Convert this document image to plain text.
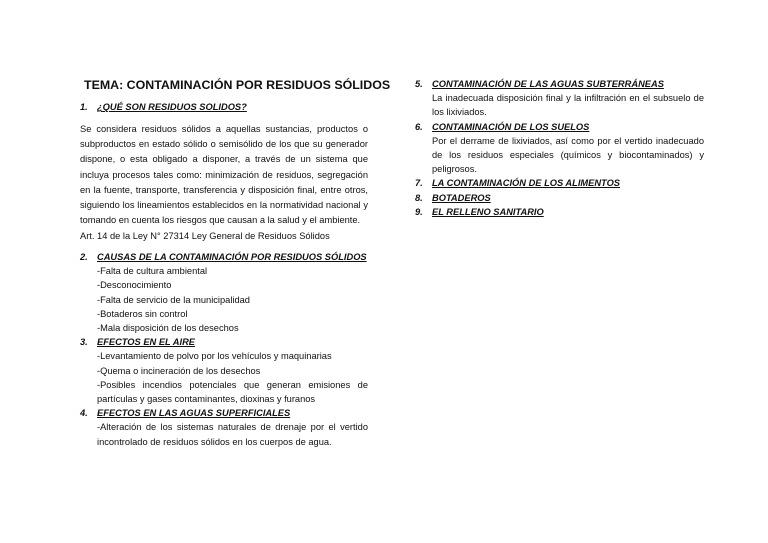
TEMA: CONTAMINACIÓN POR RESIDUOS SÓLIDOS
1. ¿QUÉ SON RESIDUOS SOLIDOS?

Se considera residuos sólidos a aquellas sustancias, productos o subproductos en estado sólido o semisólido de los que su generador dispone, o esta obligado a disponer, a través de un sistema que incluya procesos tales como: minimización de residuos, segregación en la fuente, transporte, transferencia y disposición final, entre otros, siguiendo los lineamientos establecidos en la normatividad nacional y tomando en cuenta los riesgos que causan a la salud y el ambiente.

Art. 14 de la Ley N° 27314 Ley General de Residuos Sólidos

2. CAUSAS DE LA CONTAMINACIÓN POR RESIDUOS SÓLIDOS
-Falta de cultura ambiental
-Desconocimiento
-Falta de servicio de la municipalidad
-Botaderos sin control
-Mala disposición de los desechos
3. EFECTOS EN EL AIRE
-Levantamiento de polvo por los vehículos y maquinarias
-Quema o incineración de los desechos
-Posibles incendios potenciales que generan emisiones de partículas y gases contaminantes, dioxinas y furanos
4. EFECTOS EN LAS AGUAS SUPERFICIALES
-Alteración de los sistemas naturales de drenaje por el vertido incontrolado de residuos sólidos en los cuerpos de agua.
5. CONTAMINACIÓN DE LAS AGUAS SUBTERRÁNEAS
La inadecuada disposición final y la infiltración en el subsuelo de los lixiviados.
6. CONTAMINACIÓN DE LOS SUELOS
Por el derrame de lixiviados, así como por el vertido inadecuado de los residuos especiales (químicos y biocontaminados) y peligrosos.
7. LA CONTAMINACIÓN DE LOS ALIMENTOS
8. BOTADEROS
9. EL RELLENO SANITARIO
